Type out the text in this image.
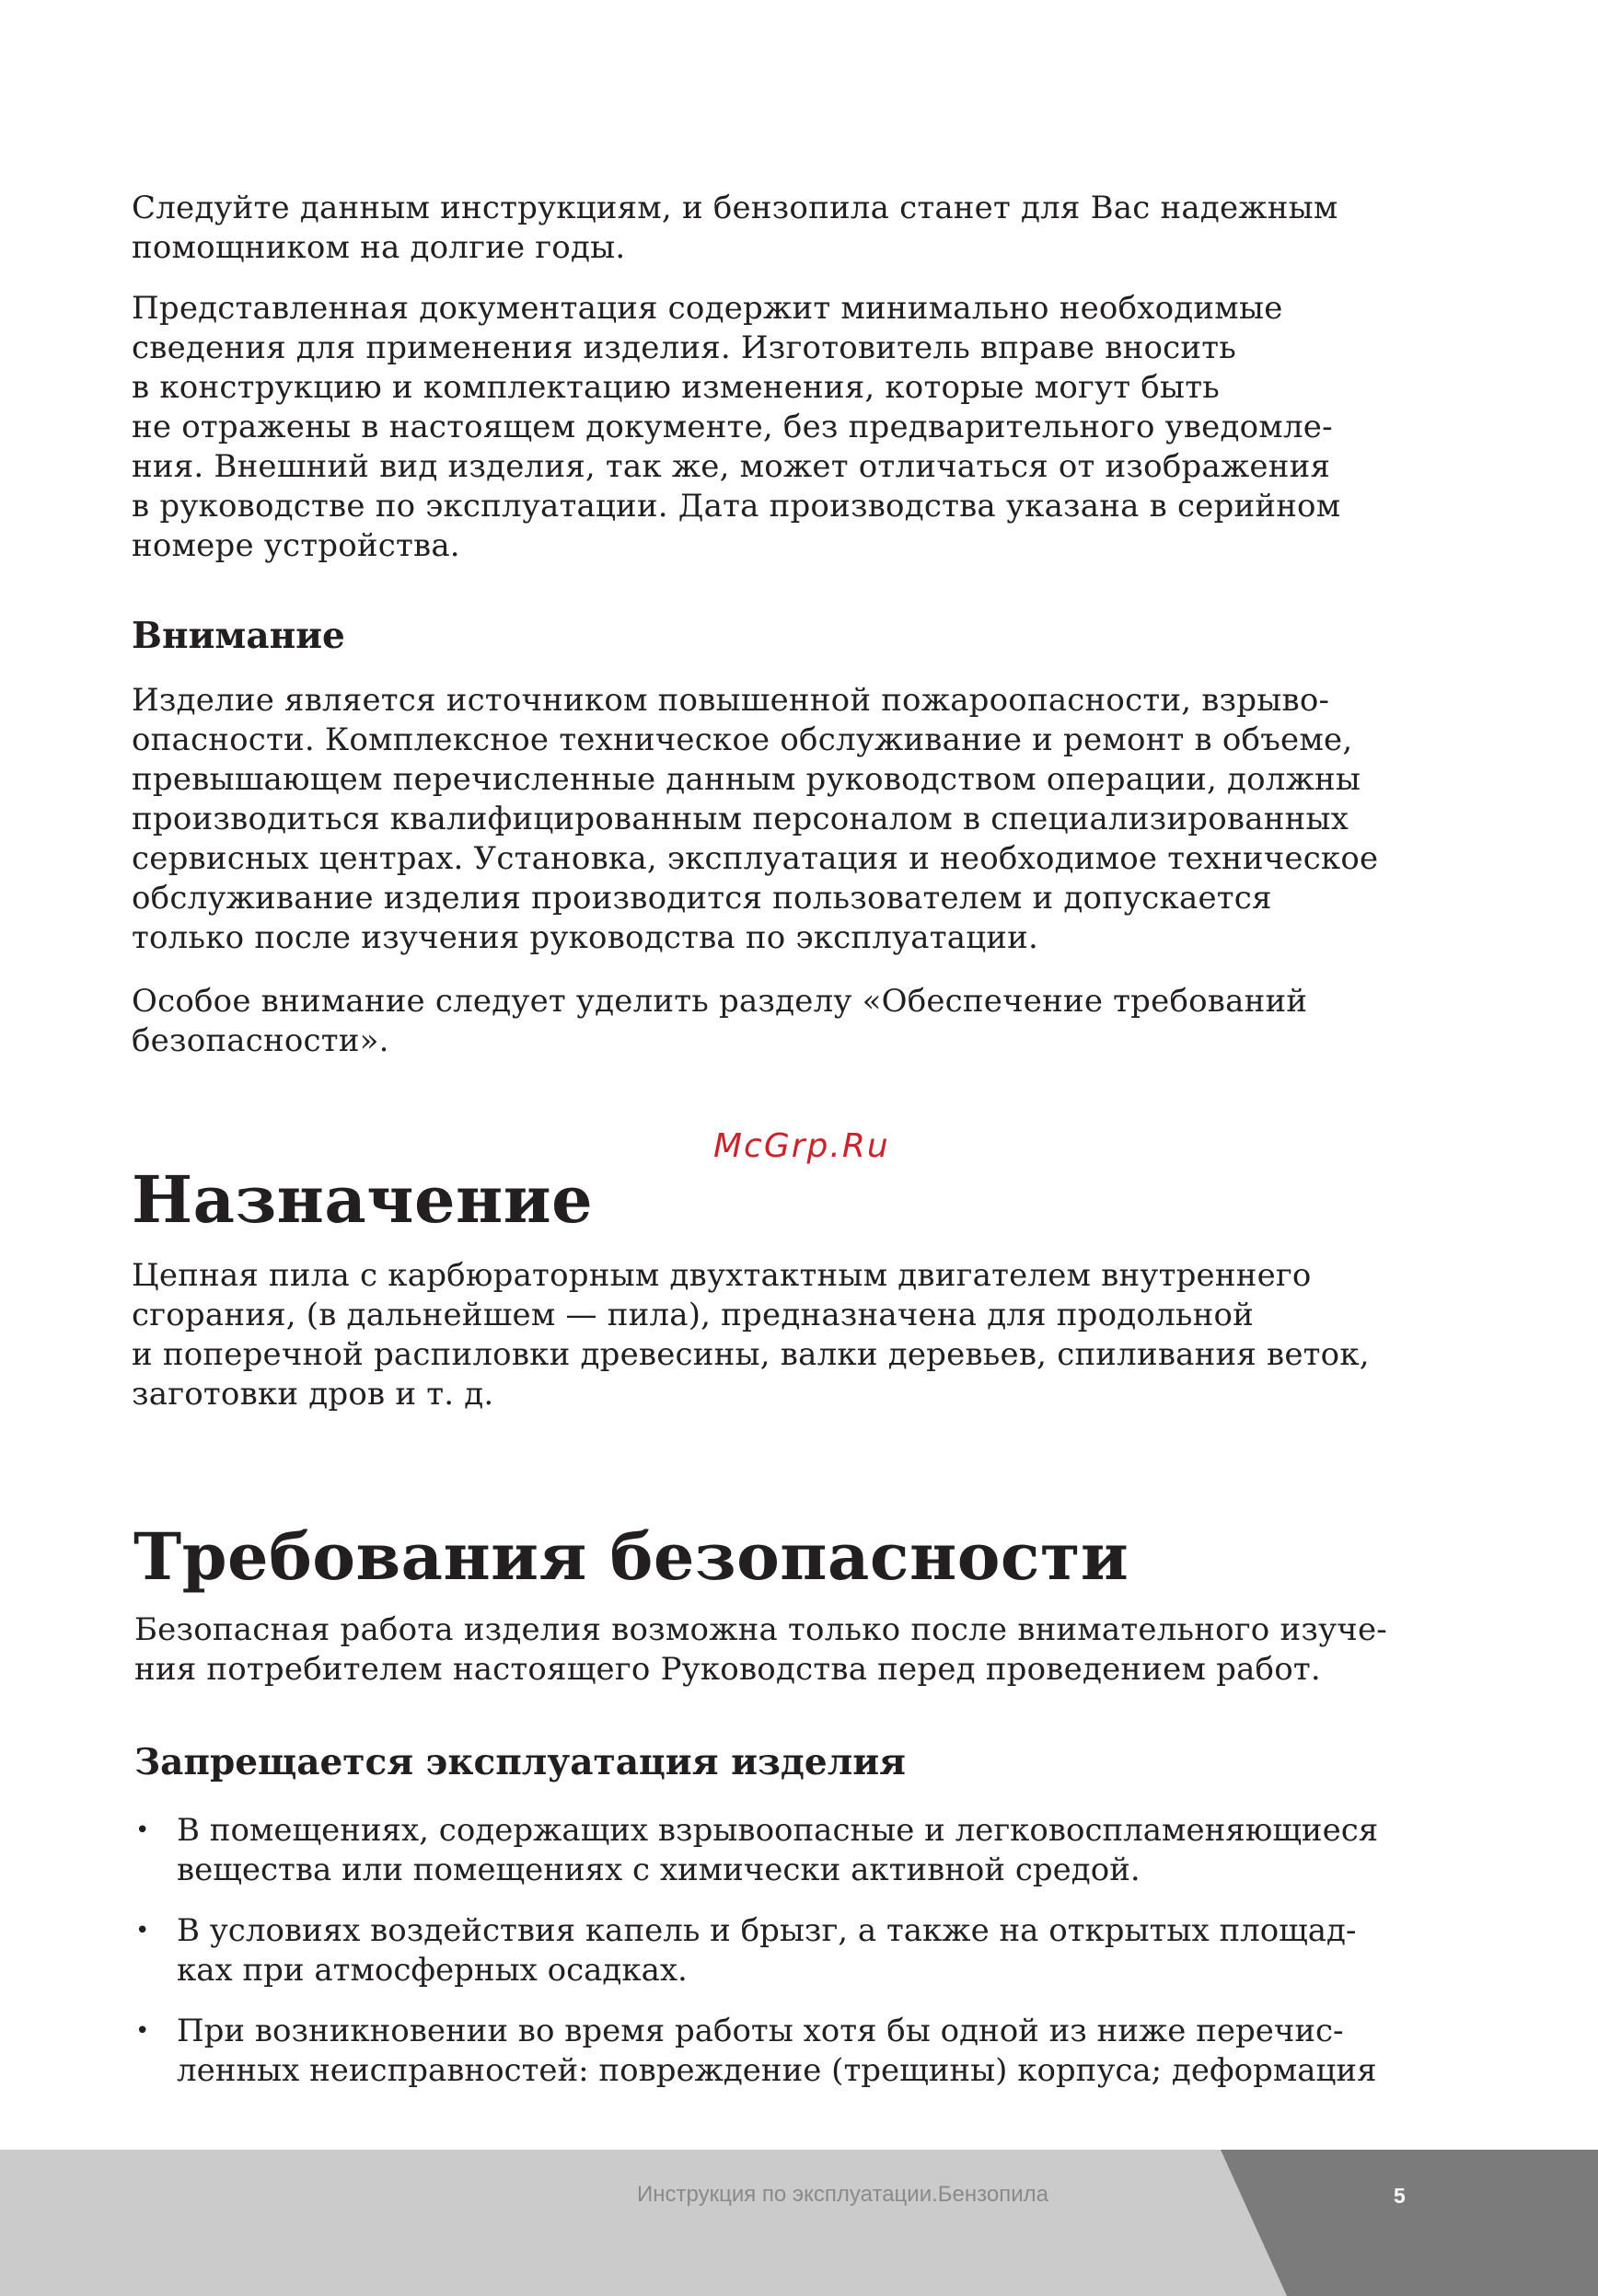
Следуйте данным инструкциям, и бензопила станет для Вас надежным
помощником на долгие годы.
Представленная документация содержит минимально необходимые
сведения для применения изделия. Изготовитель вправе вносить
в конструкцию и комплектацию изменения, которые могут быть
не отражены в настоящем документе, без предварительного уведомле-
ния. Внешний вид изделия, так же, может отличаться от изображения
в руководстве по эксплуатации. Дата производства указана в серийном
номере устройства.
Внимание
Изделие является источником повышенной пожароопасности, взрыво-
опасности. Комплексное техническое обслуживание и ремонт в объеме,
превышающем перечисленные данным руководством операции, должны
производиться квалифицированным персоналом в специализированных
сервисных центрах. Установка, эксплуатация и необходимое техническое
обслуживание изделия производится пользователем и допускается
только после изучения руководства по эксплуатации.
Особое внимание следует уделить разделу «Обеспечение требований
безопасности».
McGrp.Ru
Назначение
Цепная пила с карбюраторным двухтактным двигателем внутреннего
сгорания, (в дальнейшем — пила), предназначена для продольной
и поперечной распиловки древесины, валки деревьев, спиливания веток,
заготовки дров и т. д.
Требования безопасности
Безопасная работа изделия возможна только после внимательного изуче-
ния потребителем настоящего Руководства перед проведением работ.
Запрещается эксплуатация изделия
• В помещениях, содержащих взрывоопасные и легковоспламеняющиеся
вещества или помещениях с химически активной средой.
• В условиях воздействия капель и брызг, а также на открытых площад-
ках при атмосферных осадках.
• При возникновении во время работы хотя бы одной из ниже перечис-
ленных неисправностей: повреждение (трещины) корпуса; деформация
Инструкция по эксплуатации.Бензопила	5
